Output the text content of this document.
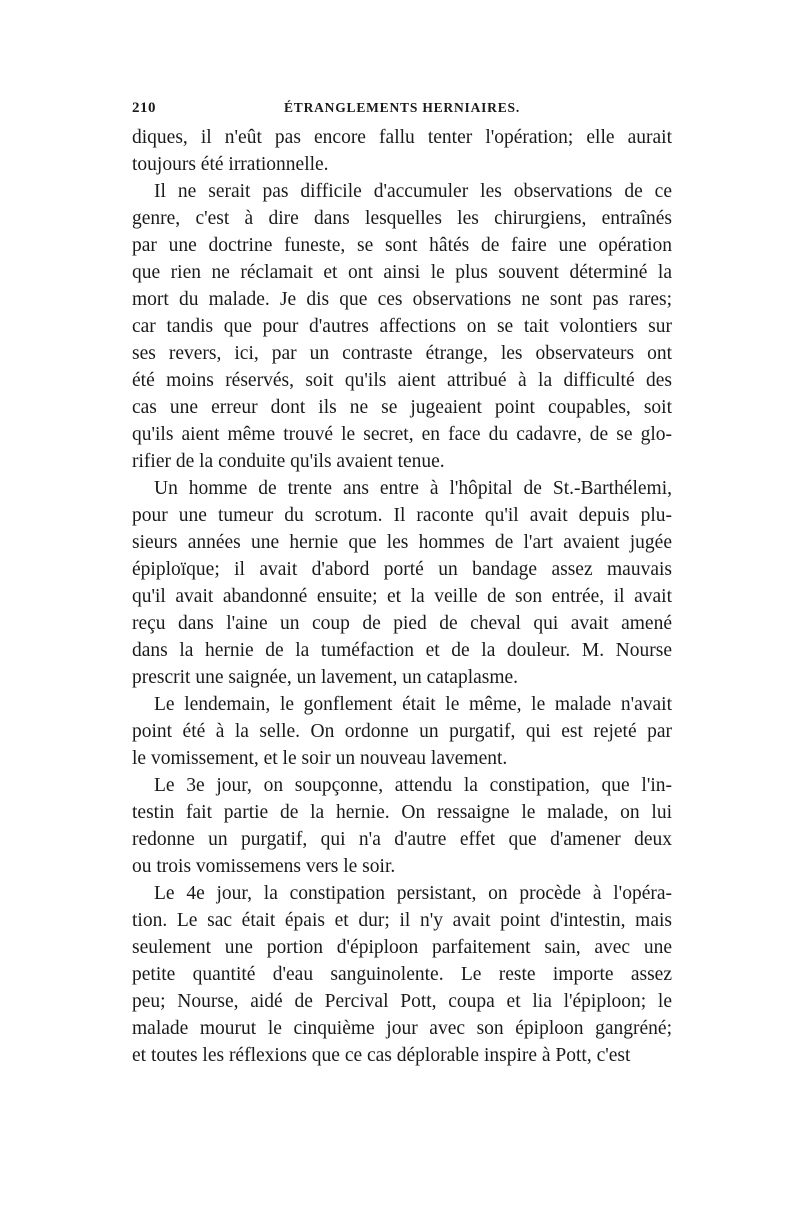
210	ÉTRANGLEMENTS HERNIAIRES.
diques, il n'eût pas encore fallu tenter l'opération; elle aurait
toujours été irrationnelle.
Il ne serait pas difficile d'accumuler les observations de ce
genre, c'est à dire dans lesquelles les chirurgiens, entraînés
par une doctrine funeste, se sont hâtés de faire une opération
que rien ne réclamait et ont ainsi le plus souvent déterminé la
mort du malade. Je dis que ces observations ne sont pas rares;
car tandis que pour d'autres affections on se tait volontiers sur
ses revers, ici, par un contraste étrange, les observateurs ont
été moins réservés, soit qu'ils aient attribué à la difficulté des
cas une erreur dont ils ne se jugeaient point coupables, soit
qu'ils aient même trouvé le secret, en face du cadavre, de se glo-
rifier de la conduite qu'ils avaient tenue.
Un homme de trente ans entre à l'hôpital de St.-Barthélemi,
pour une tumeur du scrotum. Il raconte qu'il avait depuis plu-
sieurs années une hernie que les hommes de l'art avaient jugée
épiploïque; il avait d'abord porté un bandage assez mauvais
qu'il avait abandonné ensuite; et la veille de son entrée, il avait
reçu dans l'aine un coup de pied de cheval qui avait amené
dans la hernie de la tuméfaction et de la douleur. M. Nourse
prescrit une saignée, un lavement, un cataplasme.
Le lendemain, le gonflement était le même, le malade n'avait
point été à la selle. On ordonne un purgatif, qui est rejeté par
le vomissement, et le soir un nouveau lavement.
Le 3e jour, on soupçonne, attendu la constipation, que l'in-
testin fait partie de la hernie. On ressaigne le malade, on lui
redonne un purgatif, qui n'a d'autre effet que d'amener deux
ou trois vomissemens vers le soir.
Le 4e jour, la constipation persistant, on procède à l'opéra-
tion. Le sac était épais et dur; il n'y avait point d'intestin, mais
seulement une portion d'épiploon parfaitement sain, avec une
petite quantité d'eau sanguinolente. Le reste importe assez
peu; Nourse, aidé de Percival Pott, coupa et lia l'épiploon; le
malade mourut le cinquième jour avec son épiploon gangréné;
et toutes les réflexions que ce cas déplorable inspire à Pott, c'est
